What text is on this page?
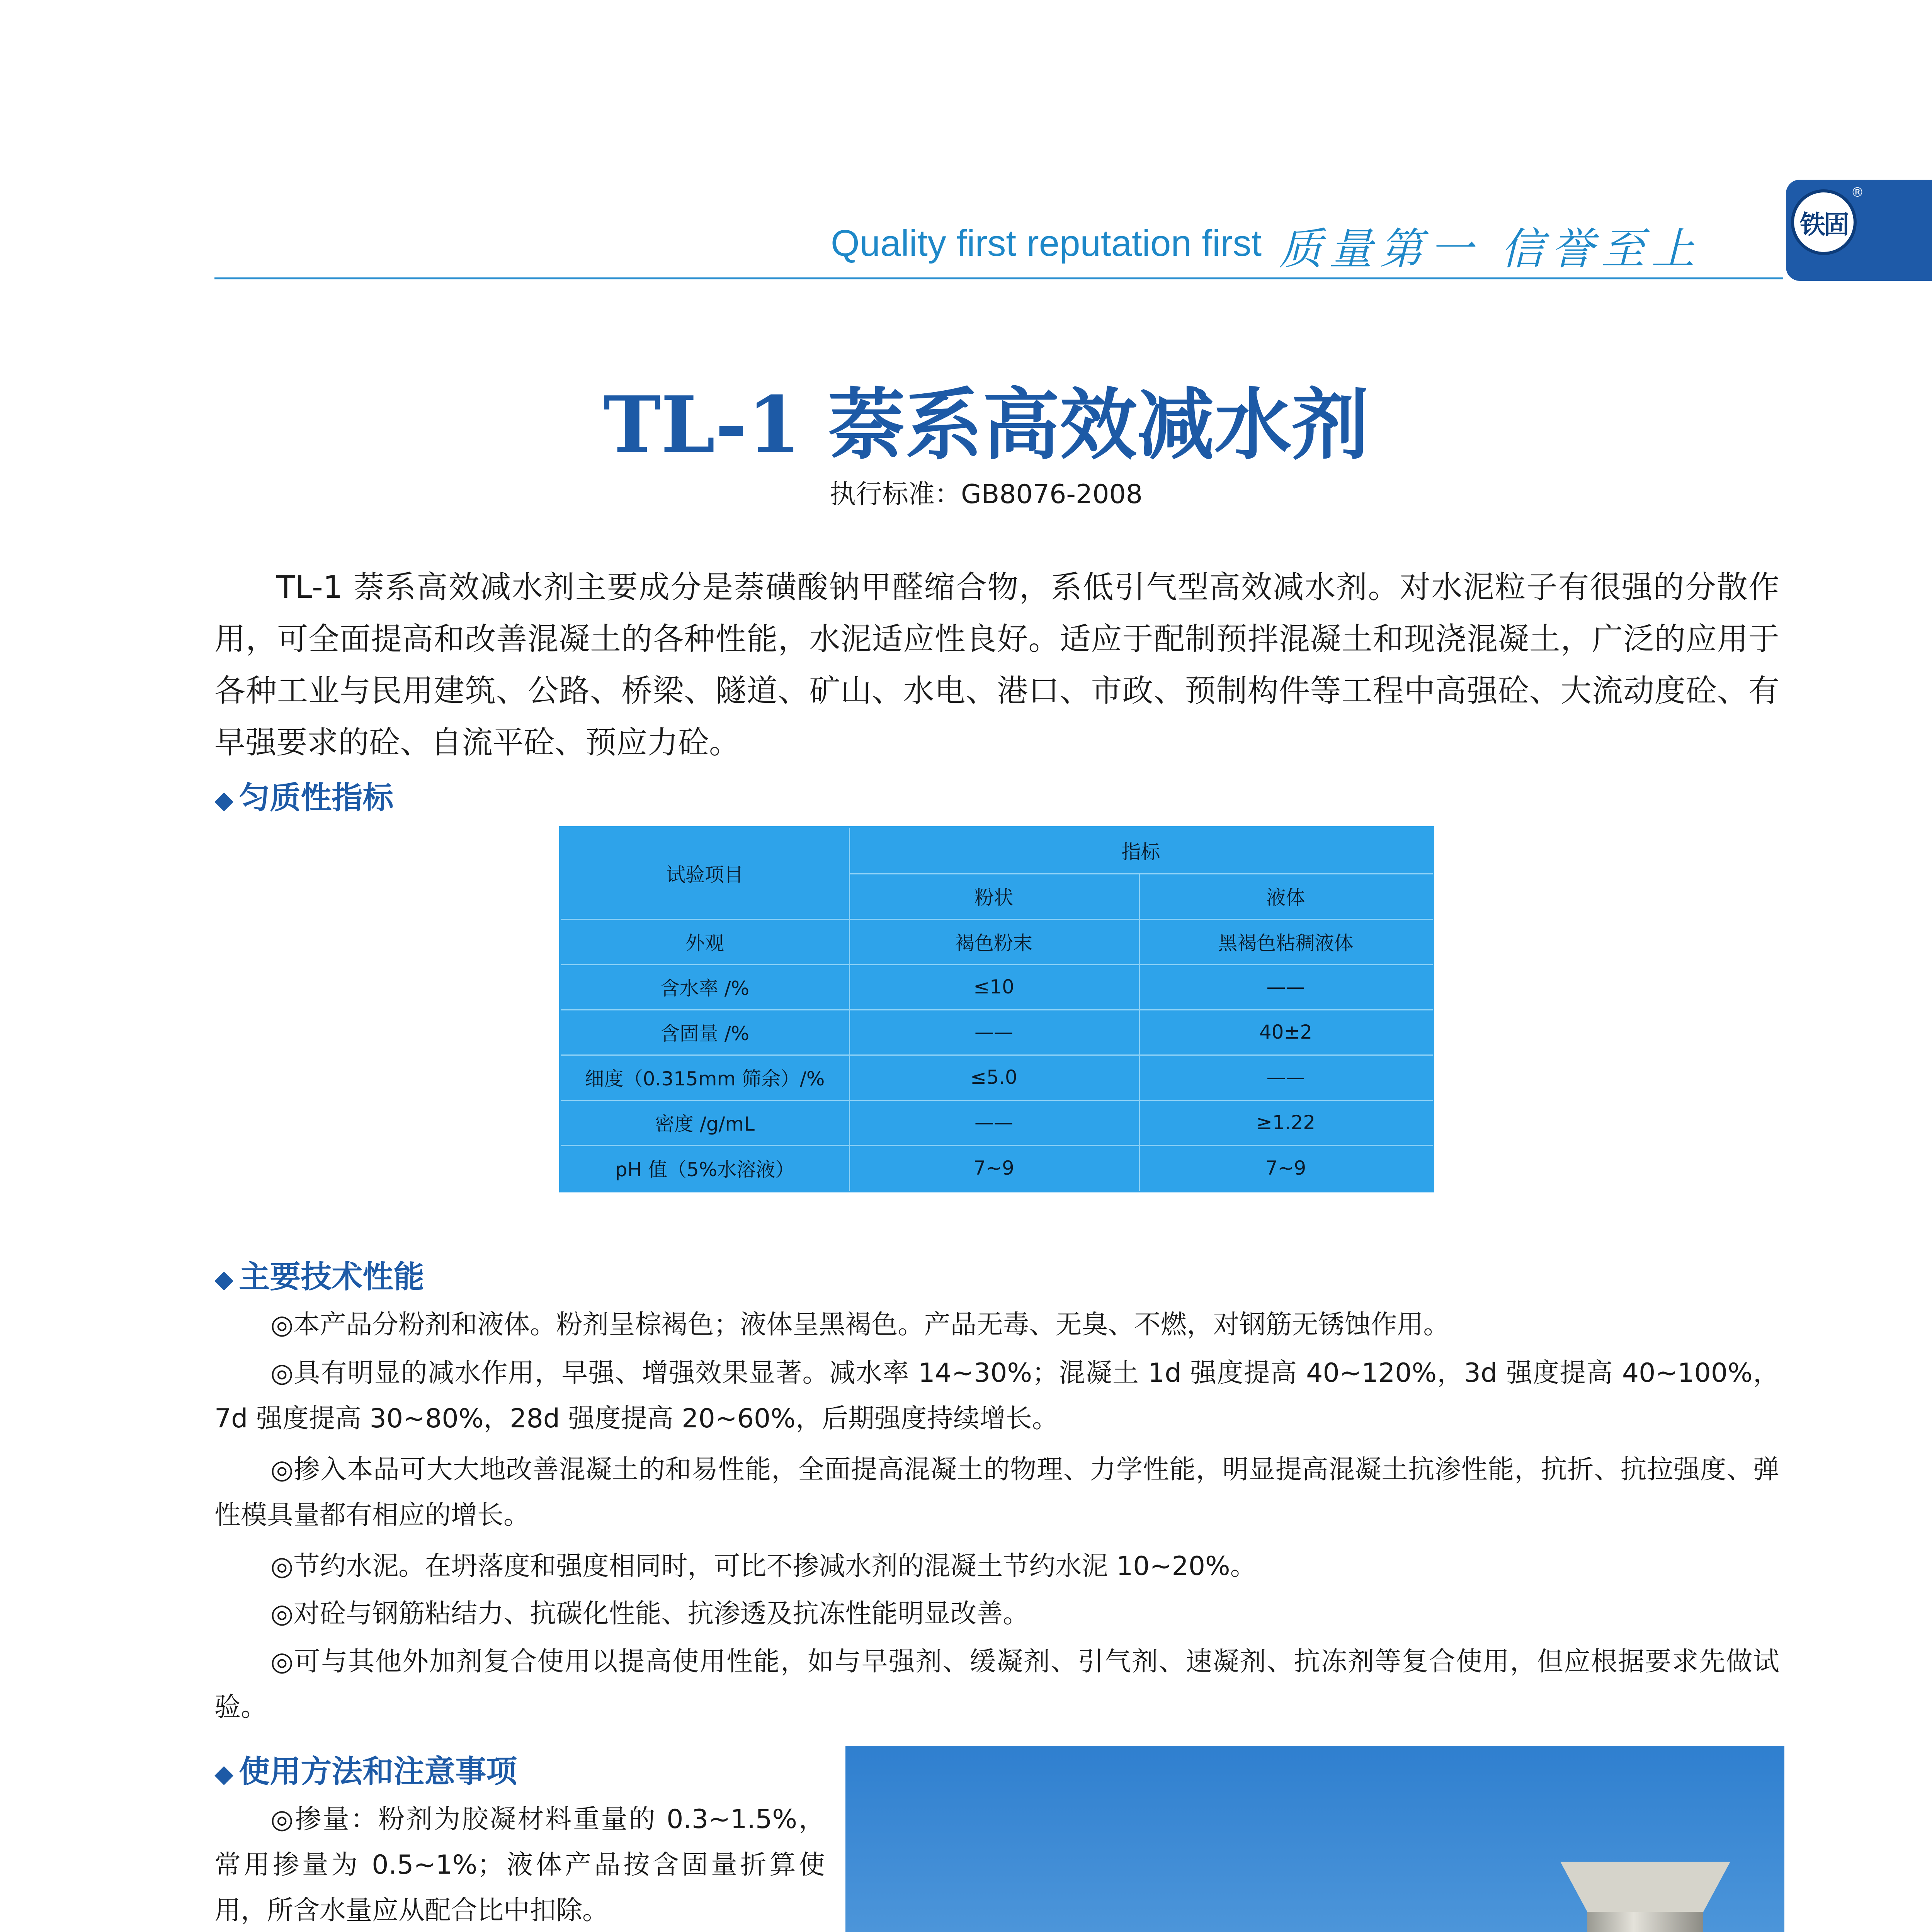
Quality first reputation first 质量第一 信誉至上	铁固
®
TL-1 萘系高效减水剂
执行标准：GB8076-2008
TL-1 萘系高效减水剂主要成分是萘磺酸钠甲醛缩合物，系低引气型高效减水剂。对水泥粒子有很强的分散作用，可全面提高和改善混凝土的各种性能，水泥适应性良好。适应于配制预拌混凝土和现浇混凝土，广泛的应用于各种工业与民用建筑、公路、桥梁、隧道、矿山、水电、港口、市政、预制构件等工程中高强砼、大流动度砼、有早强要求的砼、自流平砼、预应力砼。
◆ 匀质性指标
试验项目
指标
粉状	液体
外观	褐色粉末	黑褐色粘稠液体
含水率 /%	≤10	——
含固量 /%	——	40±2
细度（0.315mm 筛余）/%	≤5.0	——
密度 /g/mL	——	≥1.22
pH 值（5%水溶液）	7~9	7~9
◆ 主要技术性能
◎本产品分粉剂和液体。粉剂呈棕褐色；液体呈黑褐色。产品无毒、无臭、不燃，对钢筋无锈蚀作用。
◎具有明显的减水作用，早强、增强效果显著。减水率 14~30%；混凝土 1d 强度提高 40~120%，3d 强度提高 40~100%，7d 强度提高 30~80%，28d 强度提高 20~60%，后期强度持续增长。
◎掺入本品可大大地改善混凝土的和易性能，全面提高混凝土的物理、力学性能，明显提高混凝土抗渗性能，抗折、抗拉强度、弹性模具量都有相应的增长。
◎节约水泥。在坍落度和强度相同时，可比不掺减水剂的混凝土节约水泥 10~20%。
◎对砼与钢筋粘结力、抗碳化性能、抗渗透及抗冻性能明显改善。
◎可与其他外加剂复合使用以提高使用性能，如与早强剂、缓凝剂、引气剂、速凝剂、抗冻剂等复合使用，但应根据要求先做试验。
◆ 使用方法和注意事项
◎掺量：粉剂为胶凝材料重量的 0.3~1.5%，常用掺量为 0.5~1%；液体产品按含固量折算使用，所含水量应从配合比中扣除。
